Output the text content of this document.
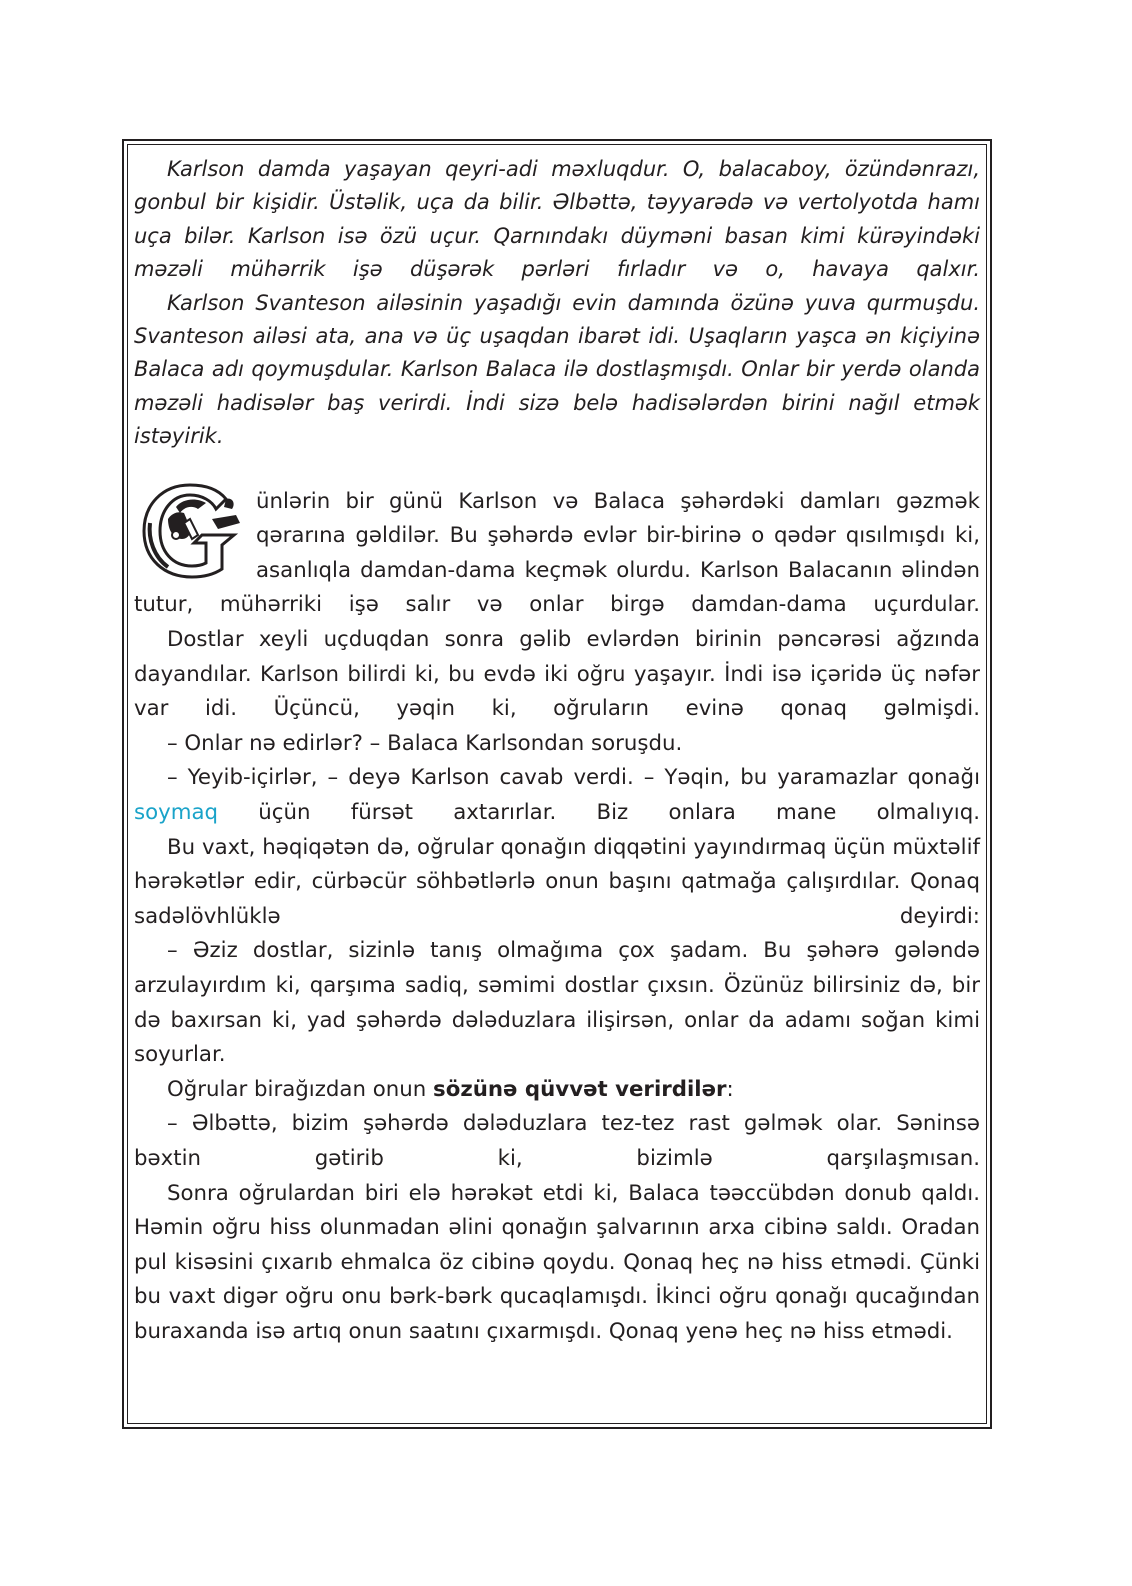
Karlson damda yaşayan qeyri-adi məxluqdur. O, balacaboy, özündənrazı, gonbul bir kişidir. Üstəlik, uça da bilir. Əlbəttə, təyyarədə və vertolyotda hamı uça bilər. Karlson isə özü uçur. Qarnındakı düyməni basan kimi kürəyindəki məzəli mühərrik işə düşərək pərləri fırladır və o, havaya qalxır.

Karlson Svanteson ailəsinin yaşadığı evin damında özünə yuva qurmuşdu. Svanteson ailəsi ata, ana və üç uşaqdan ibarət idi. Uşaqların yaşca ən kiçiyinə Balaca adı qoymuşdular. Karlson Balaca ilə dostlaşmışdı. Onlar bir yerdə olanda məzəli hadisələr baş verirdi. İndi sizə belə hadisələrdən birini nağıl etmək istəyirik.

ünlərin bir günü Karlson və Balaca şəhərdəki damları gəzmək qərarına gəldilər. Bu şəhərdə evlər bir-birinə o qədər qısılmışdı ki, asanlıqla damdan-dama keçmək olurdu. Karlson Balacanın əlindən tutur, mühərriki işə salır və onlar birgə damdan-dama uçurdular.

Dostlar xeyli uçduqdan sonra gəlib evlərdən birinin pəncərəsi ağzında dayandılar. Karlson bilirdi ki, bu evdə iki oğru yaşayır. İndi isə içəridə üç nəfər var idi. Üçüncü, yəqin ki, oğruların evinə qonaq gəlmişdi.

– Onlar nə edirlər? – Balaca Karlsondan soruşdu.

– Yeyib-içirlər, – deyə Karlson cavab verdi. – Yəqin, bu yaramazlar qonağı soymaq üçün fürsət axtarırlar. Biz onlara mane olmalıyıq.

Bu vaxt, həqiqətən də, oğrular qonağın diqqətini yayındırmaq üçün müxtəlif hərəkətlər edir, cürbəcür söhbətlərlə onun başını qatmağa çalışırdılar. Qonaq sadəlövhlüklə deyirdi:

– Əziz dostlar, sizinlə tanış olmağıma çox şadam. Bu şəhərə gələndə arzulayırdım ki, qarşıma sadiq, səmimi dostlar çıxsın. Özünüz bilirsiniz də, bir də baxırsan ki, yad şəhərdə dələduzlara ilişirsən, onlar da adamı soğan kimi soyurlar.

Oğrular birağızdan onun sözünə qüvvət verirdilər:

– Əlbəttə, bizim şəhərdə dələduzlara tez-tez rast gəlmək olar. Səninsə bəxtin gətirib ki, bizimlə qarşılaşmısan.

Sonra oğrulardan biri elə hərəkət etdi ki, Balaca təəccübdən donub qaldı. Həmin oğru hiss olunmadan əlini qonağın şalvarının arxa cibinə saldı. Oradan pul kisəsini çıxarıb ehmalca öz cibinə qoydu. Qonaq heç nə hiss etmədi. Çünki bu vaxt digər oğru onu bərk-bərk qucaqlamışdı. İkinci oğru qonağı qucağından buraxanda isə artıq onun saatını çıxarmışdı. Qonaq yenə heç nə hiss etmədi.
